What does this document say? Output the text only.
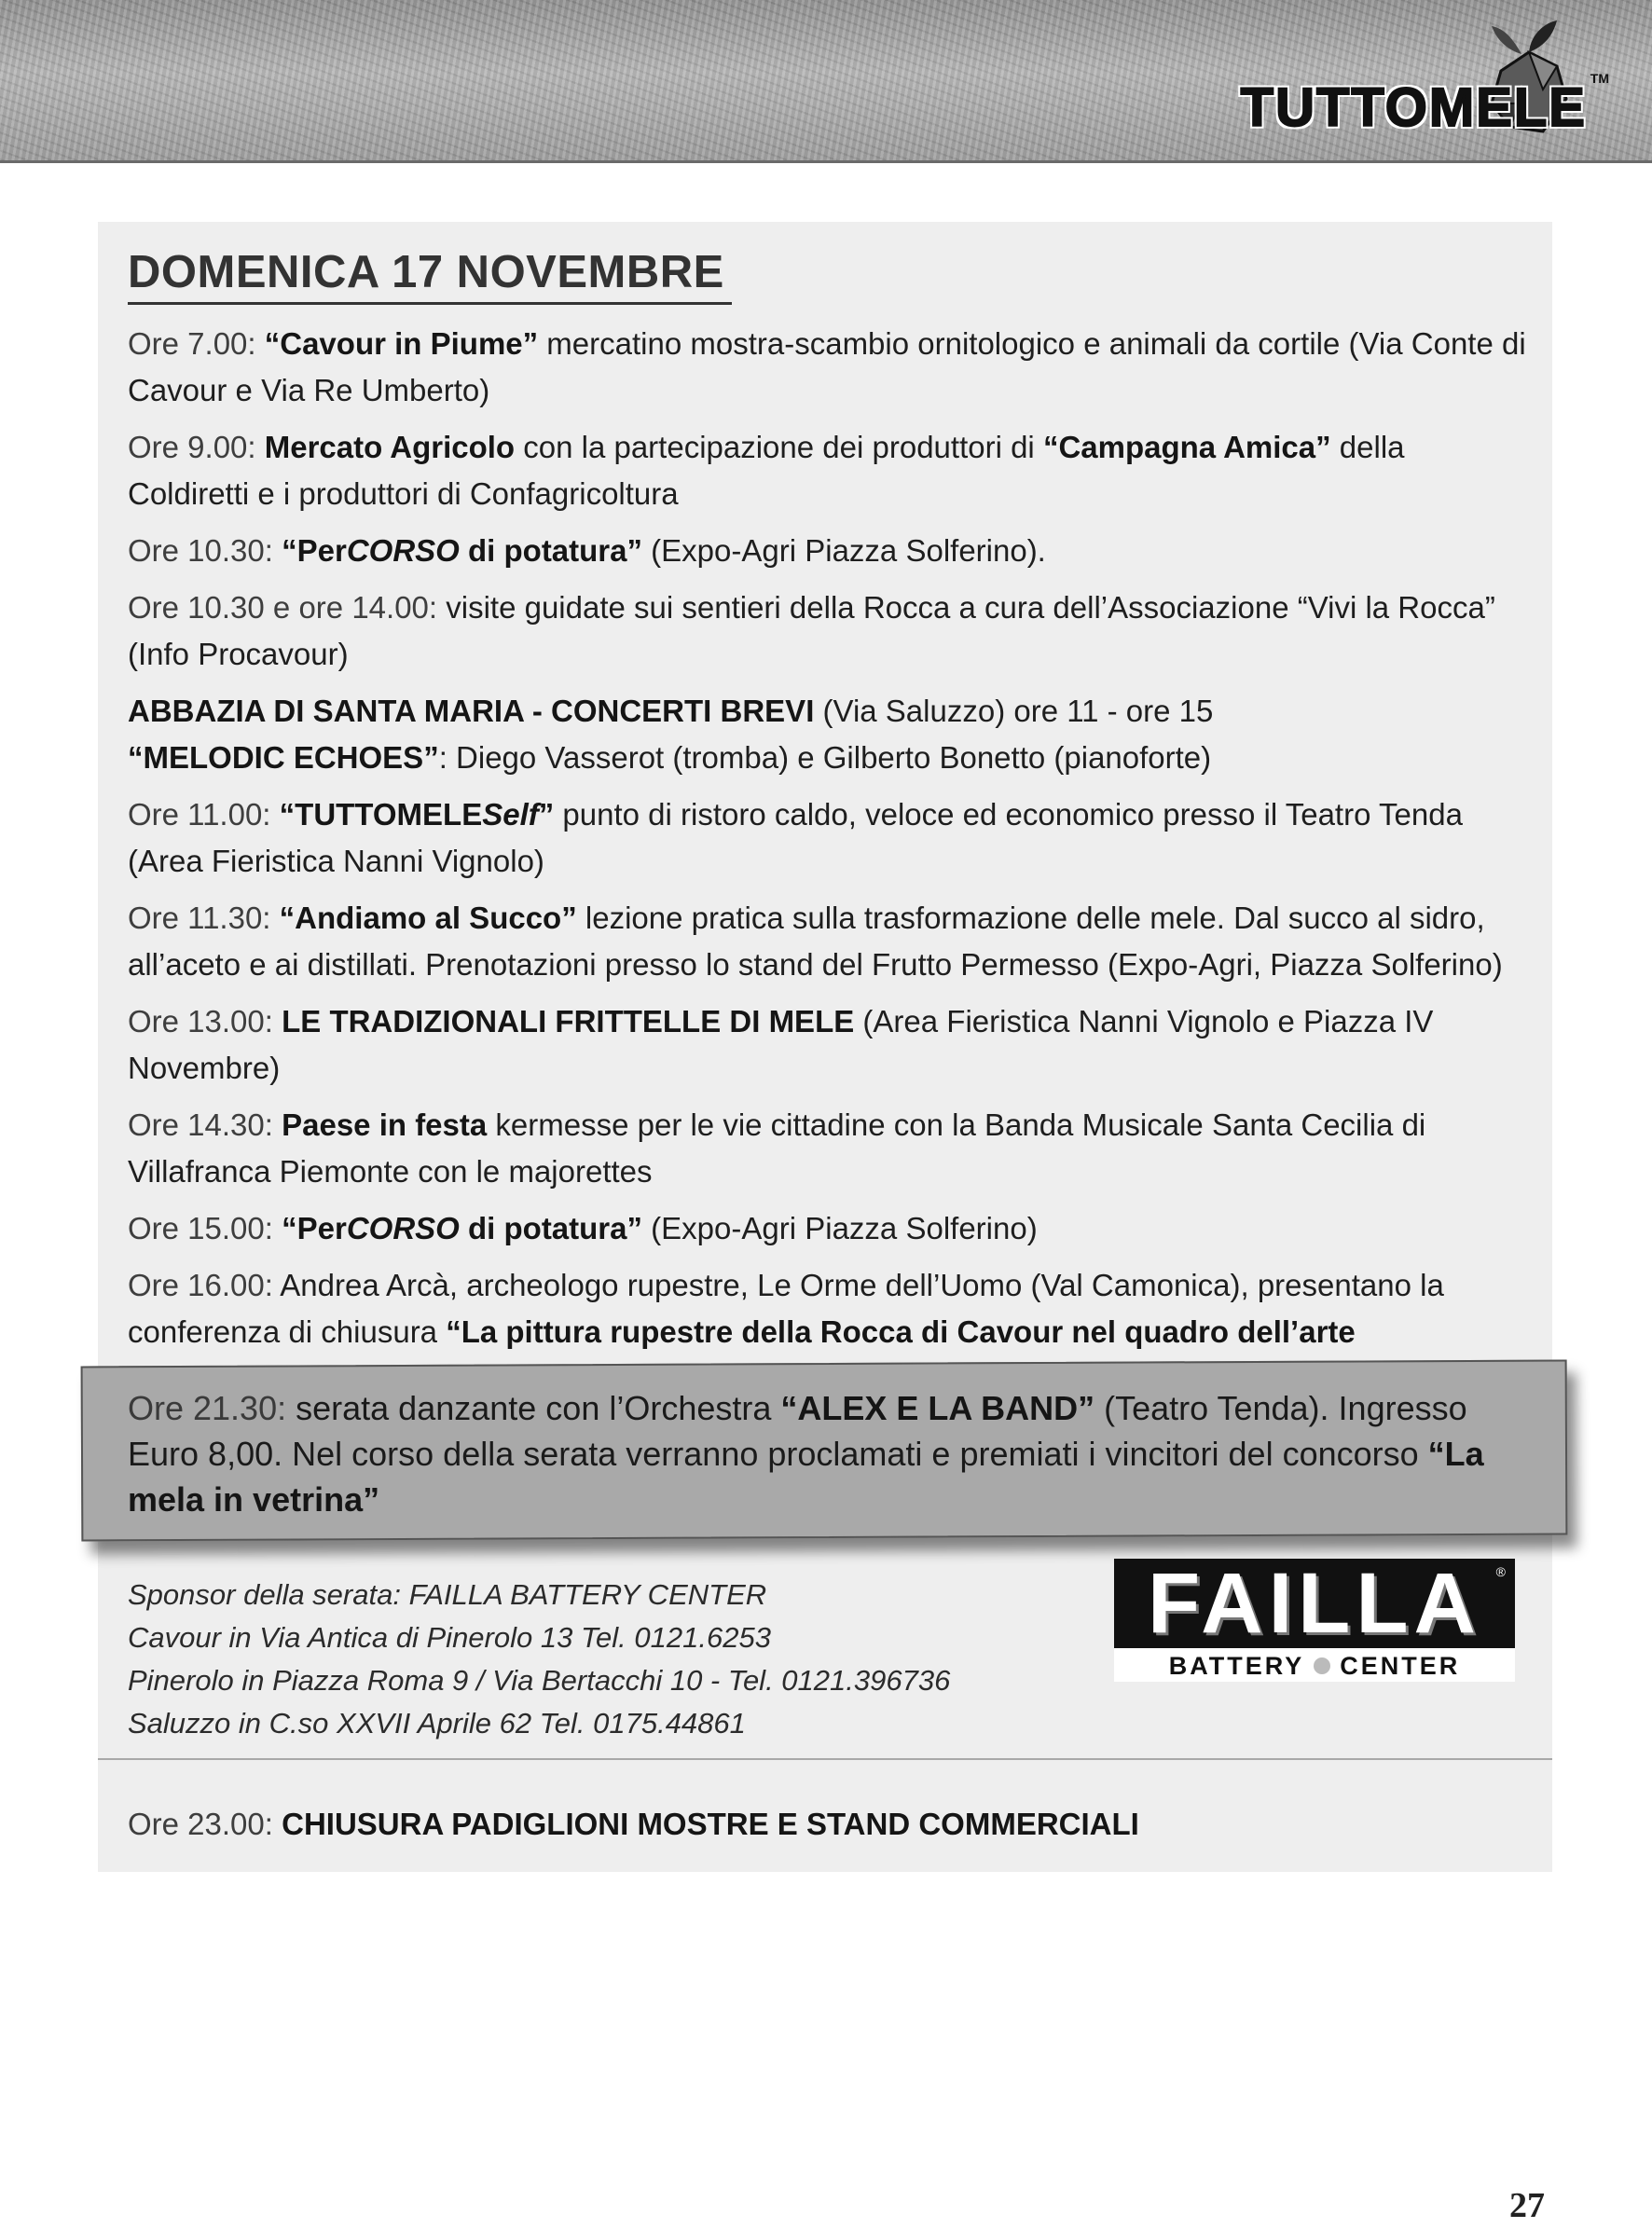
TUTTOMELE TM
DOMENICA 17 NOVEMBRE
Ore 7.00: “Cavour in Piume” mercatino mostra-scambio ornitologico e animali da cortile (Via Conte di Cavour e Via Re Umberto)
Ore 9.00: Mercato Agricolo con la partecipazione dei produttori di “Campagna Amica” della Coldiretti e i produttori di Confagricoltura
Ore 10.30: “PerCORSO di potatura” (Expo-Agri Piazza Solferino).
Ore 10.30 e ore 14.00: visite guidate sui sentieri della Rocca a cura dell’Associazione “Vivi la Rocca” (Info Procavour)
ABBAZIA DI SANTA MARIA - CONCERTI BREVI (Via Saluzzo) ore 11 - ore 15
“MELODIC ECHOES”: Diego Vasserot (tromba) e Gilberto Bonetto (pianoforte)
Ore 11.00: “TUTTOMELESelf” punto di ristoro caldo, veloce ed economico presso il Teatro Tenda (Area Fieristica Nanni Vignolo)
Ore 11.30: “Andiamo al Succo” lezione pratica sulla trasformazione delle mele. Dal succo al sidro, all’aceto e ai distillati. Prenotazioni presso lo stand del Frutto Permesso (Expo-Agri, Piazza Solferino)
Ore 13.00: LE TRADIZIONALI FRITTELLE DI MELE (Area Fieristica Nanni Vignolo e Piazza IV Novembre)
Ore 14.30: Paese in festa kermesse per le vie cittadine con la Banda Musicale Santa Cecilia di Villafranca Piemonte con le majorettes
Ore 15.00: “PerCORSO di potatura” (Expo-Agri Piazza Solferino)
Ore 16.00: Andrea Arcà, archeologo rupestre, Le Orme dell’Uomo (Val Camonica), presentano la conferenza di chiusura “La pittura rupestre della Rocca di Cavour nel quadro dell’arte
Ore 21.30: serata danzante con l’Orchestra “ALEX E LA BAND” (Teatro Tenda). Ingresso Euro 8,00. Nel corso della serata verranno proclamati e premiati i vincitori del concorso “La mela in vetrina”
Sponsor della serata: FAILLA BATTERY CENTER
Cavour in Via Antica di Pinerolo 13 Tel. 0121.6253
Pinerolo in Piazza Roma 9 / Via Bertacchi 10 - Tel. 0121.396736
Saluzzo in C.so XXVII Aprile 62 Tel. 0175.44861
FAILLA	®
BATTERY CENTER
Ore 23.00: CHIUSURA PADIGLIONI MOSTRE E STAND COMMERCIALI
27
